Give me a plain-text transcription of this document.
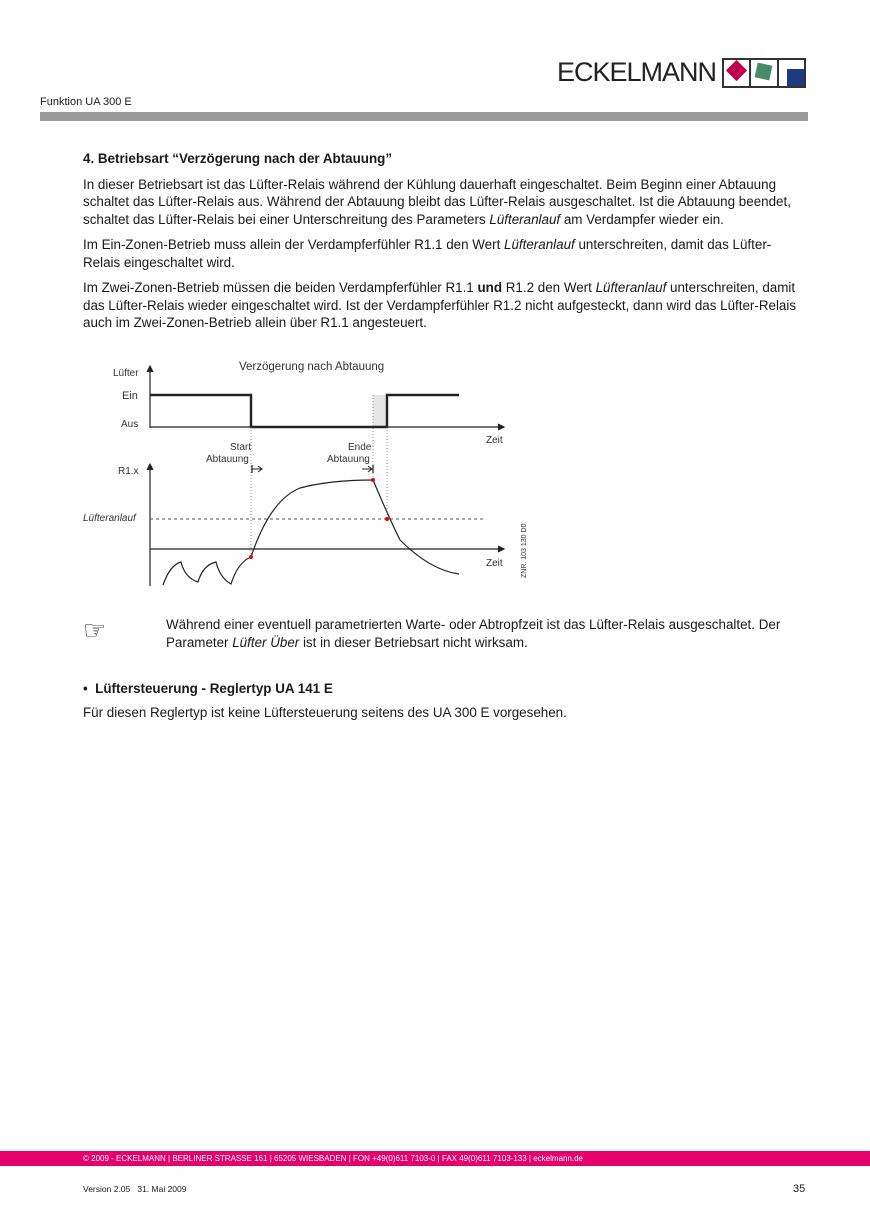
ECKELMANN
Funktion UA 300 E
4. Betriebsart “Verzögerung nach der Abtauung”

In dieser Betriebsart ist das Lüfter-Relais während der Kühlung dauerhaft eingeschaltet. Beim Beginn einer Abtauung schaltet das Lüfter-Relais aus. Während der Abtauung bleibt das Lüfter-Relais ausgeschaltet. Ist die Abtauung beendet, schaltet das Lüfter-Relais bei einer Unterschreitung des Parameters Lüfteranlauf am Verdampfer wieder ein.

Im Ein-Zonen-Betrieb muss allein der Verdampferfühler R1.1 den Wert Lüfteranlauf unterschreiten, damit das Lüfter-Relais eingeschaltet wird.

Im Zwei-Zonen-Betrieb müssen die beiden Verdampferfühler R1.1 und R1.2 den Wert Lüfteranlauf unterschreiten, damit das Lüfter-Relais wieder eingeschaltet wird. Ist der Verdampferfühler R1.2 nicht aufgesteckt, dann wird das Lüfter-Relais auch im Zwei-Zonen-Betrieb allein über R1.1 angesteuert.

Verzögerung nach Abtauung
Lüfter
Ein
Aus
Zeit
Start
Abtauung
Ende
Abtauung
R1.x
Lüfteranlauf
Zeit	ZNR. 103 130 D0
☞	Während einer eventuell parametrierten Warte- oder Abtropfzeit ist das Lüfter-Relais ausgeschaltet. Der Parameter Lüfter Über ist in dieser Betriebsart nicht wirksam.
•  Lüftersteuerung - Reglertyp UA 141 E

Für diesen Reglertyp ist keine Lüftersteuerung seitens des UA 300 E vorgesehen.

© 2009 - ECKELMANN | BERLINER STRASSE 161 | 65205 WIESBADEN | FON +49(0)611 7103-0 | FAX 49(0)611 7103-133 | eckelmann.de
Version 2.05   31. Mai 2009	35
